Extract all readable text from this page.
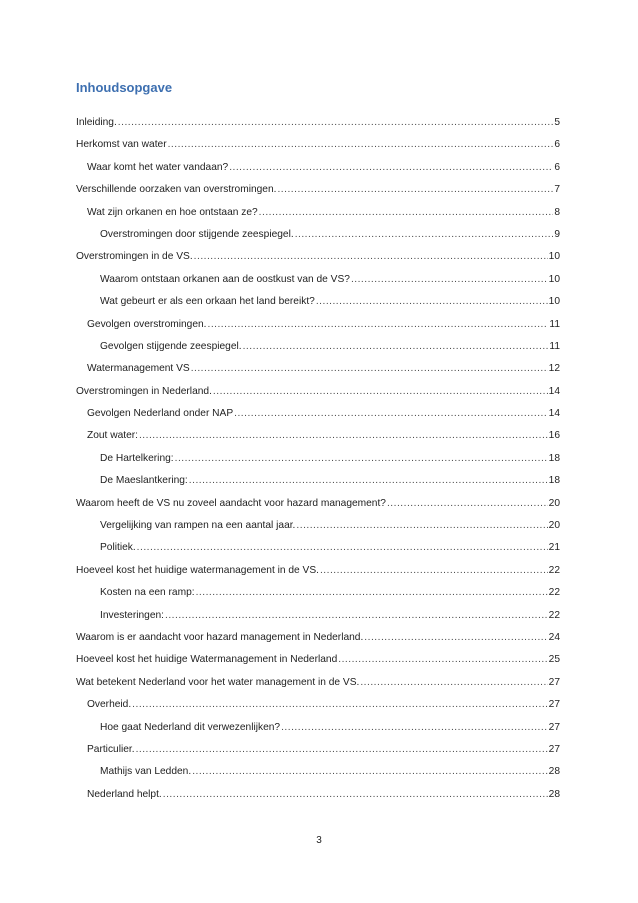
Inhoudsopgave
Inleiding. .....	5
Herkomst van water .....	6
Waar komt het water vandaan? .....	6
Verschillende oorzaken van overstromingen. .....	7
Wat zijn orkanen en hoe ontstaan ze? .....	8
Overstromingen door stijgende zeespiegel. .....	9
Overstromingen in de VS. .....	10
Waarom ontstaan orkanen aan de oostkust van de VS? .....	10
Wat gebeurt er als een orkaan het land bereikt? .....	10
Gevolgen overstromingen. .....	11
Gevolgen stijgende zeespiegel. .....	11
Watermanagement VS .....	12
Overstromingen in Nederland. .....	14
Gevolgen Nederland onder NAP .....	14
Zout water: .....	16
De Hartelkering: .....	18
De Maeslantkering: .....	18
Waarom heeft de VS nu zoveel aandacht voor hazard management? .....	20
Vergelijking van rampen na een aantal jaar. .....	20
Politiek. .....	21
Hoeveel kost het huidige watermanagement in de VS. .....	22
Kosten na een ramp: .....	22
Investeringen: .....	22
Waarom is er aandacht voor hazard management in Nederland. .....	24
Hoeveel kost het huidige Watermanagement in Nederland .....	25
Wat betekent Nederland voor het water management in de VS. .....	27
Overheid. .....	27
Hoe gaat Nederland dit verwezenlijken? .....	27
Particulier. .....	27
Mathijs van Ledden. .....	28
Nederland helpt. .....	28
3
